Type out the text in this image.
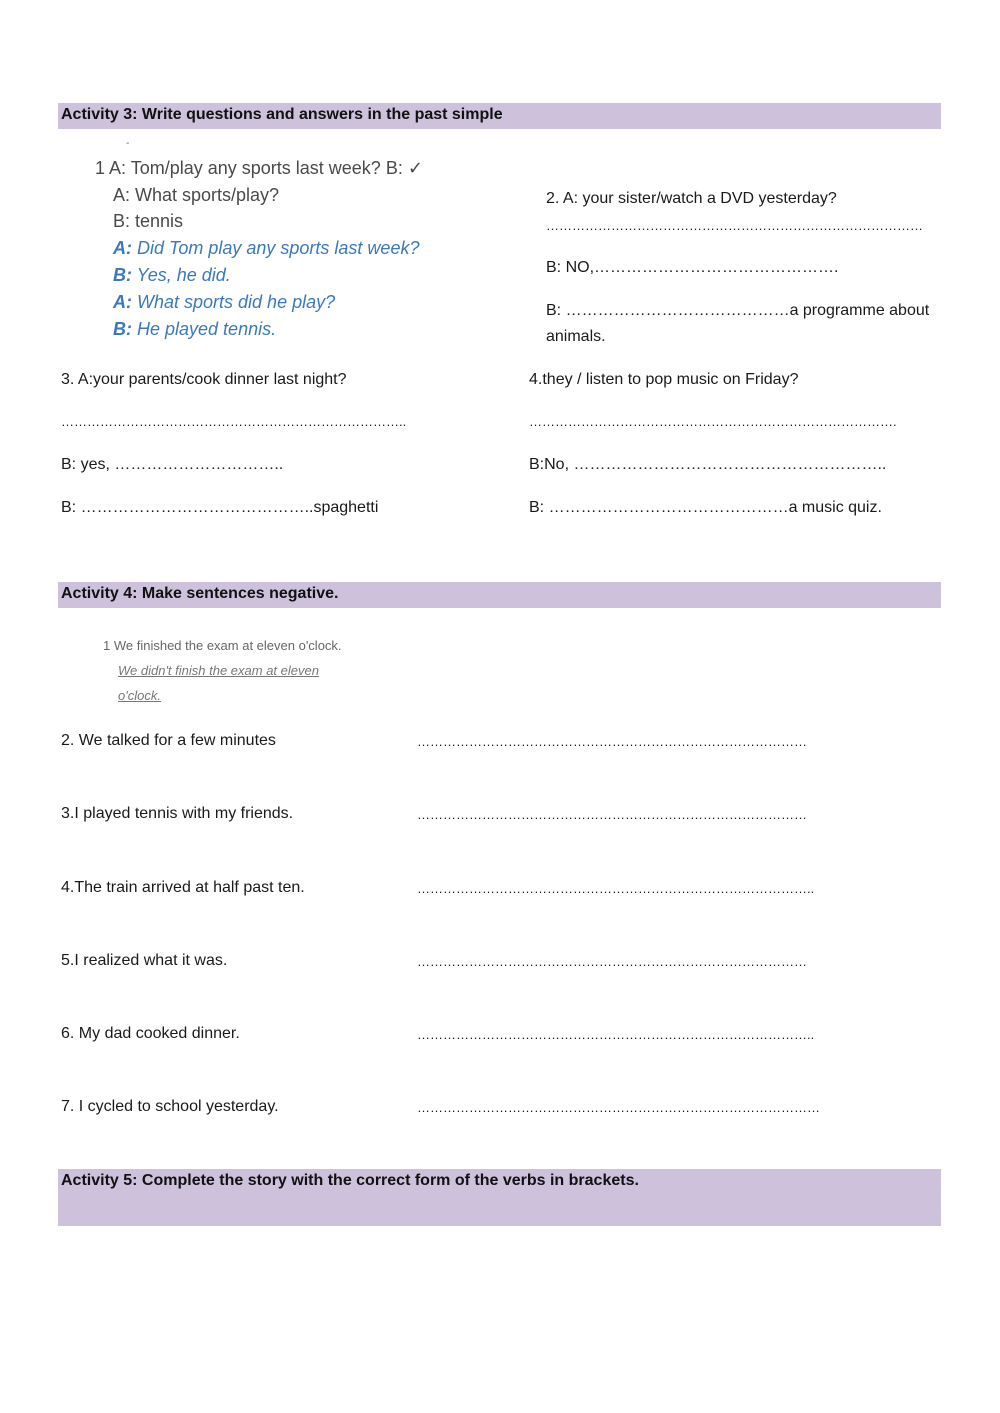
Activity 3: Write questions and answers in the past simple
-
1 A: Tom/play any sports last week? B: ✓
A: What sports/play?
B: tennis
A: Did Tom play any sports last week?
B: Yes, he did.
A: What sports did he play?
B: He played tennis.
2. A: your sister/watch a DVD yesterday?
……………………………………………………………………………
B: NO,……………………………………….
B: ……………………………………a programme about
animals.
3. A:your parents/cook dinner last night?
……………………………………………………………………..
B: yes, …………………………..
B: ……………………………………..spaghetti
4.they / listen to pop music on Friday?
………………………………………………………………………….
B:No, …………………………………………………..
B: ………………………………………a music quiz.
Activity 4: Make sentences negative.
1 We finished the exam at eleven o'clock.
We didn't finish the exam at eleven
o'clock.
2. We talked for a few minutes	………………………………………………………………………………
3.I played tennis with my friends.	………………………………………………………………………………
4.The train arrived at half past ten.	………………………………………………………………………………..
5.I realized what it was.	………………………………………………………………………………
6. My dad cooked dinner.	………………………………………………………………………………..
7. I cycled to school yesterday.	…………………………………………………………………………………
Activity 5: Complete the story with the correct form of the verbs in brackets.
